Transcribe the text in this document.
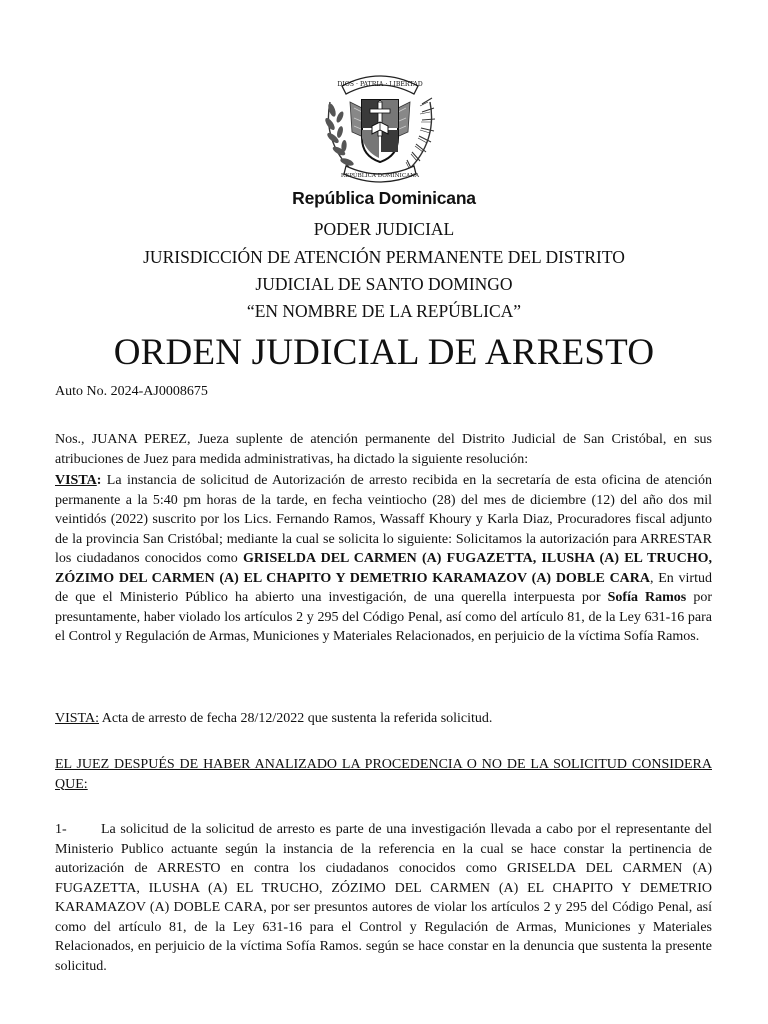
DIOS · PATRIA · LIBERTAD
REPÚBLICA DOMINICANA
República Dominicana
PODER JUDICIAL
JURISDICCIÓN DE ATENCIÓN PERMANENTE DEL DISTRITO
JUDICIAL DE SANTO DOMINGO
“EN NOMBRE DE LA REPÚBLICA”
ORDEN JUDICIAL DE ARRESTO
Auto No. 2024-AJ0008675
Nos., JUANA PEREZ, Jueza suplente de atención permanente del Distrito Judicial de San Cristóbal, en sus atribuciones de Juez para medida administrativas, ha dictado la siguiente resolución:
VISTA: La instancia de solicitud de Autorización de arresto recibida en la secretaría de esta oficina de atención permanente a la 5:40 pm horas de la tarde, en fecha veintiocho (28) del mes de diciembre (12) del año dos mil veintidós (2022) suscrito por los Lics. Fernando Ramos, Wassaff Khoury y Karla Diaz, Procuradores fiscal adjunto de la provincia San Cristóbal; mediante la cual se solicita lo siguiente: Solicitamos la autorización para ARRESTAR los ciudadanos conocidos como GRISELDA DEL CARMEN (A) FUGAZETTA, ILUSHA (A) EL TRUCHO, ZÓZIMO DEL CARMEN (A) EL CHAPITO Y DEMETRIO KARAMAZOV (A) DOBLE CARA, En virtud de que el Ministerio Público ha abierto una investigación, de una querella interpuesta por Sofía Ramos por presuntamente, haber violado los artículos 2 y 295 del Código Penal, así como del artículo 81, de la Ley 631-16 para el Control y Regulación de Armas, Municiones y Materiales Relacionados, en perjuicio de la víctima Sofía Ramos.
VISTA: Acta de arresto de fecha 28/12/2022 que sustenta la referida solicitud.
EL JUEZ DESPUÉS DE HABER ANALIZADO LA PROCEDENCIA O NO DE LA SOLICITUD CONSIDERA QUE:
1- La solicitud de la solicitud de arresto es parte de una investigación llevada a cabo por el representante del Ministerio Publico actuante según la instancia de la referencia en la cual se hace constar la pertinencia de autorización de ARRESTO en contra los ciudadanos conocidos como GRISELDA DEL CARMEN (A) FUGAZETTA, ILUSHA (A) EL TRUCHO, ZÓZIMO DEL CARMEN (A) EL CHAPITO Y DEMETRIO KARAMAZOV (A) DOBLE CARA, por ser presuntos autores de violar los artículos 2 y 295 del Código Penal, así como del artículo 81, de la Ley 631-16 para el Control y Regulación de Armas, Municiones y Materiales Relacionados, en perjuicio de la víctima Sofía Ramos. según se hace constar en la denuncia que sustenta la presente solicitud.
